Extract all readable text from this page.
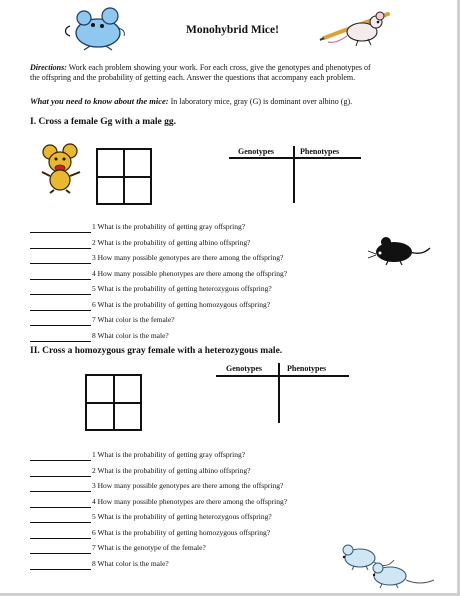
Monohybrid Mice!
Directions: Work each problem showing your work. For each cross, give the genotypes and phenotypes of
the offspring and the probability of getting each. Answer the questions that accompany each problem.
What you need to know about the mice: In laboratory mice, gray (G) is dominant over albino (g).
I. Cross a female Gg with a male gg.
Genotypes	Phenotypes
1 What is the probability of getting gray offspring?
2 What is the probability of getting albino offspring?
3 How many possible genotypes are there among the offspring?
4 How many possible phenotypes are there among the offspring?
5 What is the probability of getting heterozygous offspring?
6 What is the probability of getting homozygous offspring?
7 What color is the female?
8 What color is the male?
II. Cross a homozygous gray female with a heterozygous male.
Genotypes	Phenotypes
1 What is the probability of getting gray offspring?
2 What is the probability of getting albino offspring?
3 How many possible genotypes are there among the offspring?
4 How many possible phenotypes are there among the offspring?
5 What is the probability of getting heterozygous offspring?
6 What is the probability of getting homozygous offspring?
7 What is the genotype of the female?
8 What color is the male?
